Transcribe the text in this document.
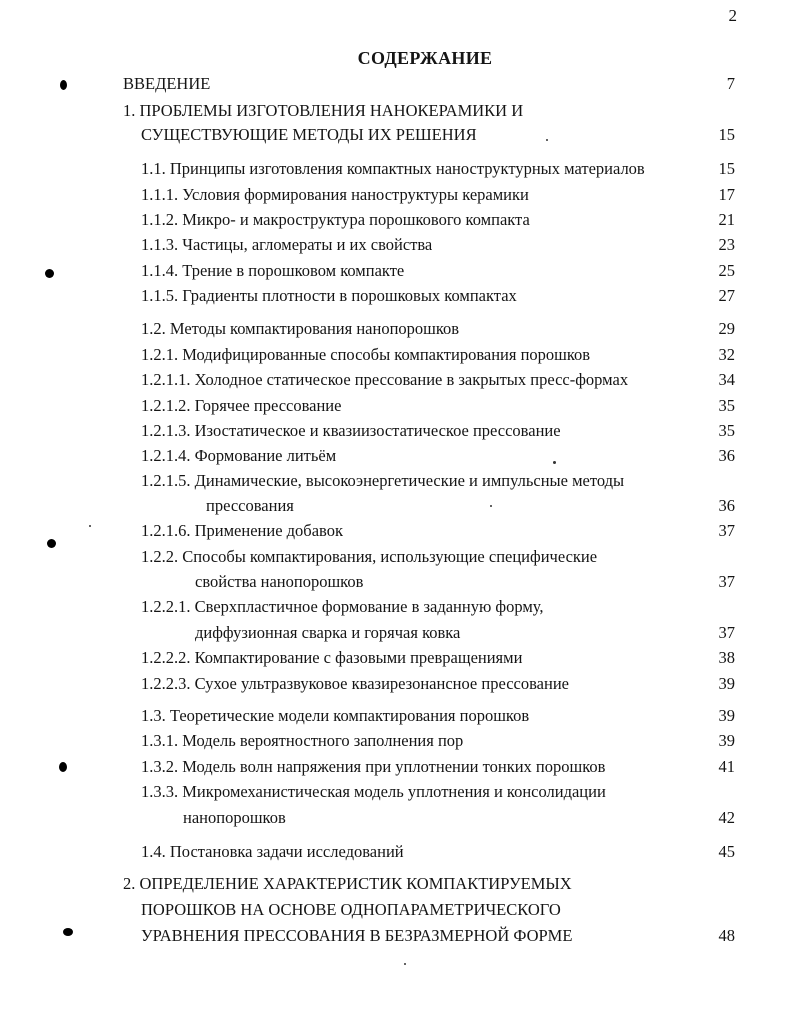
2
СОДЕРЖАНИЕ
ВВЕДЕНИЕ	7
1. ПРОБЛЕМЫ ИЗГОТОВЛЕНИЯ НАНОКЕРАМИКИ И
СУЩЕСТВУЮЩИЕ МЕТОДЫ ИХ РЕШЕНИЯ	15
1.1. Принципы изготовления компактных наноструктурных материалов	15
1.1.1. Условия формирования наноструктуры керамики	17
1.1.2. Микро- и макроструктура порошкового компакта	21
1.1.3. Частицы, агломераты и их свойства	23
1.1.4. Трение в порошковом компакте	25
1.1.5. Градиенты плотности в порошковых компактах	27
1.2. Методы компактирования нанопорошков	29
1.2.1. Модифицированные способы компактирования порошков	32
1.2.1.1. Холодное статическое прессование в закрытых пресс-формах	34
1.2.1.2. Горячее прессование	35
1.2.1.3. Изостатическое и квазиизостатическое прессование	35
1.2.1.4. Формование литьём	36
1.2.1.5. Динамические, высокоэнергетические и импульсные методы
прессования	36
1.2.1.6. Применение добавок	37
1.2.2. Способы компактирования, использующие специфические
свойства нанопорошков	37
1.2.2.1. Сверхпластичное формование в заданную форму,
диффузионная сварка и горячая ковка	37
1.2.2.2. Компактирование с фазовыми превращениями	38
1.2.2.3. Сухое ультразвуковое квазирезонансное прессование	39
1.3. Теоретические модели компактирования порошков	39
1.3.1. Модель вероятностного заполнения пор	39
1.3.2. Модель волн напряжения при уплотнении тонких порошков	41
1.3.3. Микромеханистическая модель уплотнения и консолидации
нанопорошков	42
1.4. Постановка задачи исследований	45
2. ОПРЕДЕЛЕНИЕ ХАРАКТЕРИСТИК КОМПАКТИРУЕМЫХ
ПОРОШКОВ НА ОСНОВЕ ОДНОПАРАМЕТРИЧЕСКОГО
УРАВНЕНИЯ ПРЕССОВАНИЯ В БЕЗРАЗМЕРНОЙ ФОРМЕ	48
